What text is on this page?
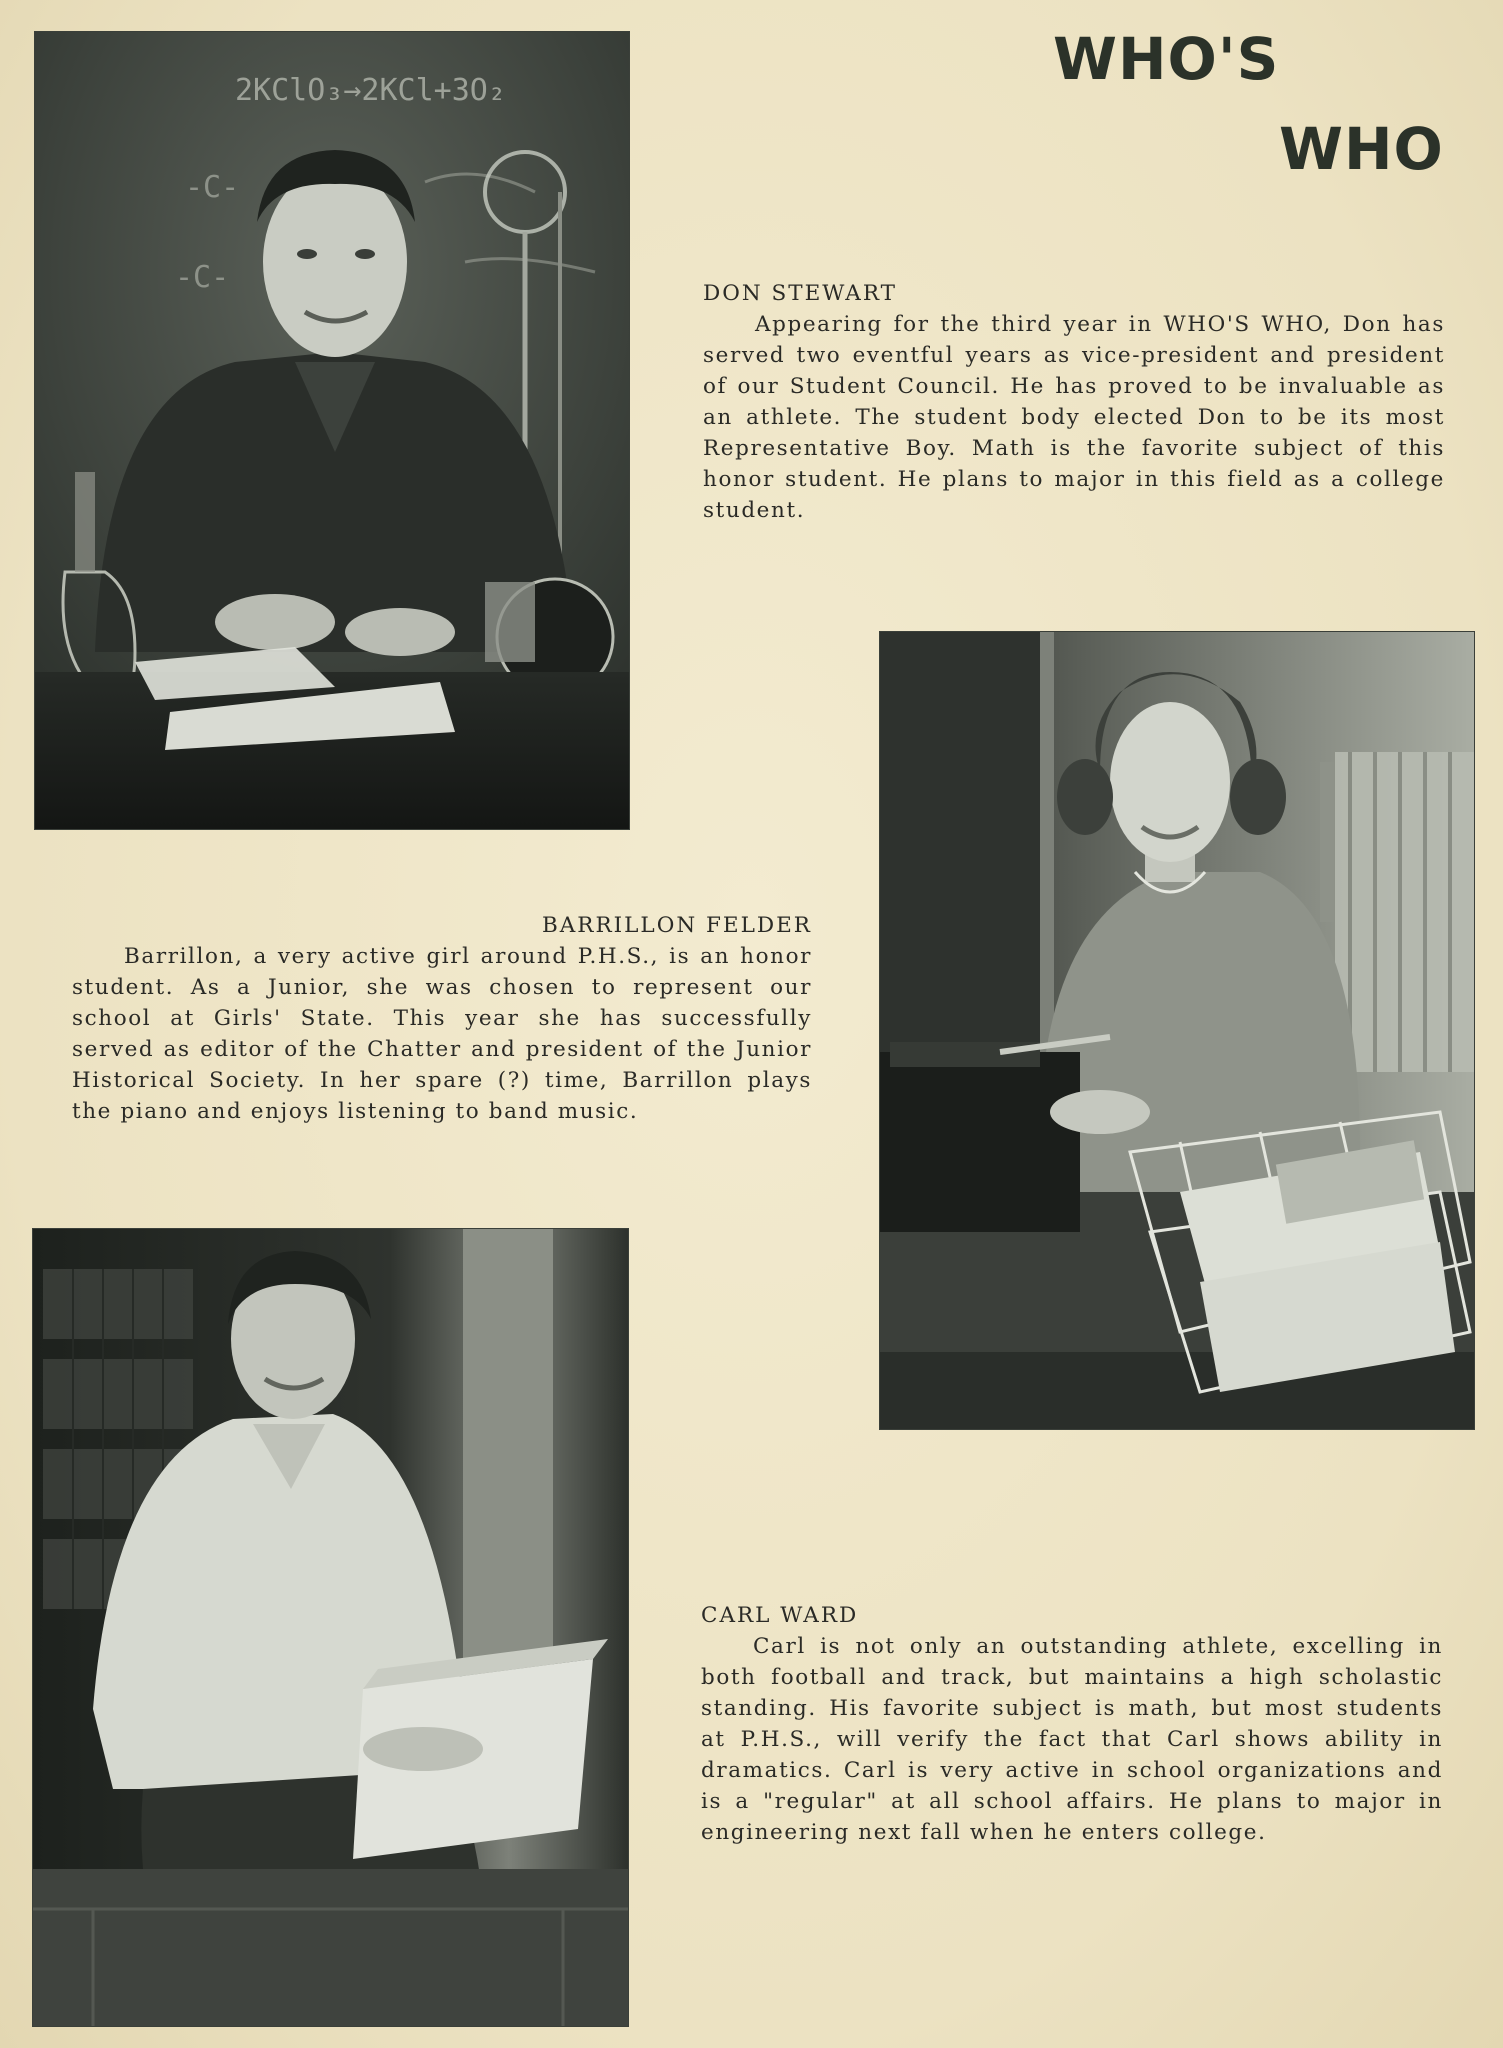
WHO'S
WHO
2KClO₃→2KCl+3O₂
-C-
-C-	DON STEWART

Appearing for the third year in WHO'S WHO, Don has served two eventful years as vice-president and president of our Student Council. He has proved to be invaluable as an athlete. The student body elected Don to be its most Representative Boy. Math is the favorite subject of this honor student. He plans to major in this field as a college student.

BARRILLON FELDER

Barrillon, a very active girl around P.H.S., is an honor student. As a Junior, she was chosen to represent our school at Girls' State. This year she has successfully served as editor of the Chatter and president of the Junior Historical Society. In her spare (?) time, Barrillon plays the piano and enjoys listening to band music.

CARL WARD

Carl is not only an outstanding athlete, excelling in both football and track, but maintains a high scholastic standing. His favorite subject is math, but most students at P.H.S., will verify the fact that Carl shows ability in dramatics. Carl is very active in school organizations and is a "regular" at all school affairs. He plans to major in engineering next fall when he enters college.
